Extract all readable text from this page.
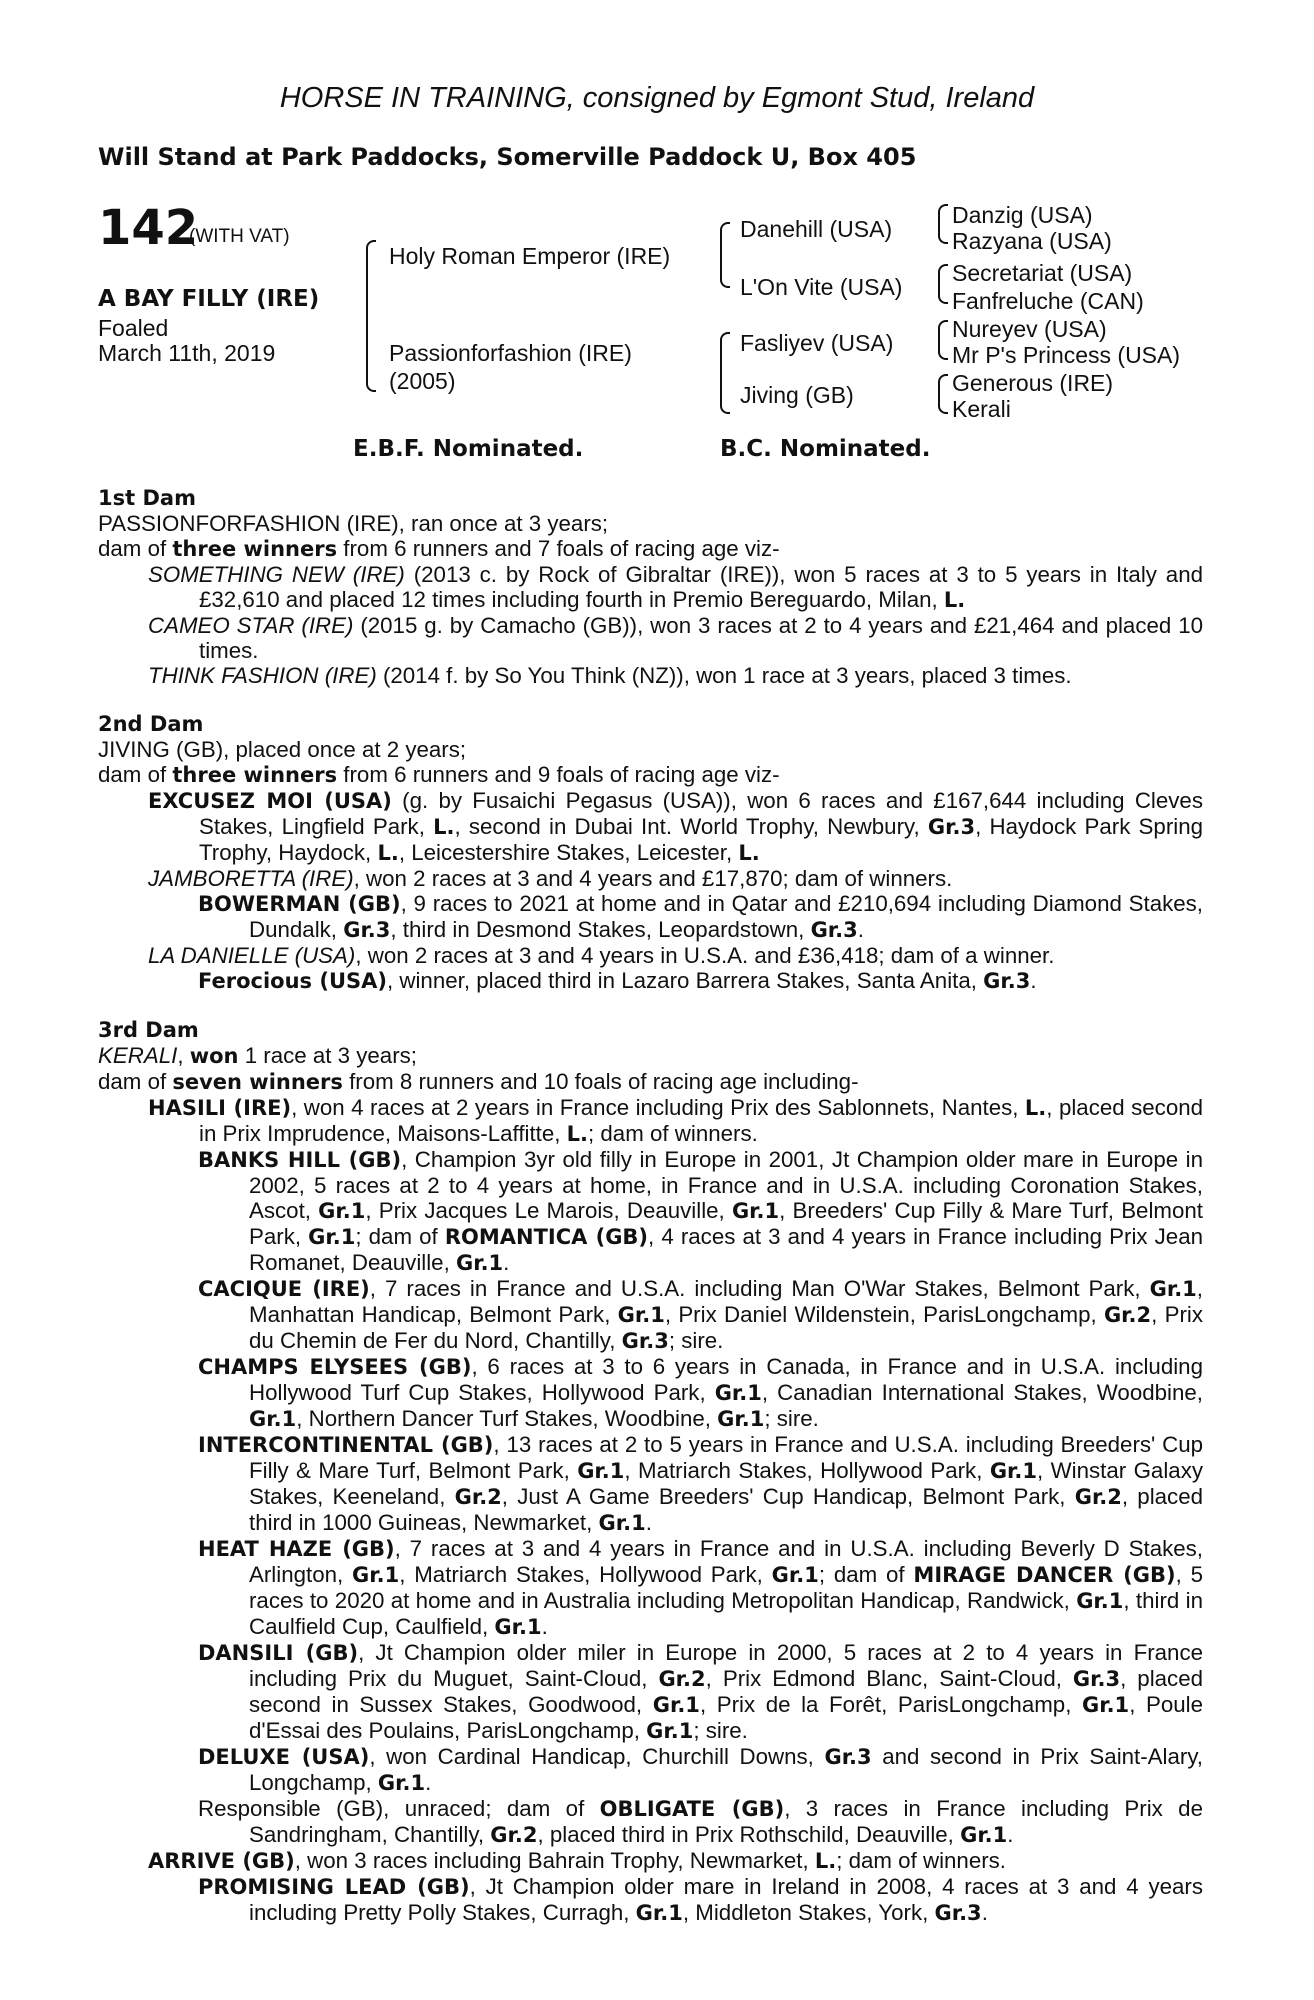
HORSE IN TRAINING, consigned by Egmont Stud, Ireland
Will Stand at Park Paddocks, Somerville Paddock U, Box 405
142
(WITH VAT)
A BAY FILLY (IRE)
Foaled
March 11th, 2019
Holy Roman Emperor (IRE)
Passionforfashion (IRE)
(2005)
Danehill (USA)
L'On Vite (USA)
Fasliyev (USA)
Jiving (GB)
Danzig (USA)
Razyana (USA)
Secretariat (USA)
Fanfreluche (CAN)
Nureyev (USA)
Mr P's Princess (USA)
Generous (IRE)
Kerali
E.B.F. Nominated.	B.C. Nominated.
1st Dam
PASSIONFORFASHION (IRE), ran once at 3 years;
dam of three winners from 6 runners and 7 foals of racing age viz-
SOMETHING NEW (IRE) (2013 c. by Rock of Gibraltar (IRE)), won 5 races at 3 to 5 years in Italy and £32,610 and placed 12 times including fourth in Premio Bereguardo, Milan, L.
CAMEO STAR (IRE) (2015 g. by Camacho (GB)), won 3 races at 2 to 4 years and £21,464 and placed 10 times.
THINK FASHION (IRE) (2014 f. by So You Think (NZ)), won 1 race at 3 years, placed 3 times.
2nd Dam
JIVING (GB), placed once at 2 years;
dam of three winners from 6 runners and 9 foals of racing age viz-
EXCUSEZ MOI (USA) (g. by Fusaichi Pegasus (USA)), won 6 races and £167,644 including Cleves Stakes, Lingfield Park, L., second in Dubai Int. World Trophy, Newbury, Gr.3, Haydock Park Spring Trophy, Haydock, L., Leicestershire Stakes, Leicester, L.
JAMBORETTA (IRE), won 2 races at 3 and 4 years and £17,870; dam of winners.
BOWERMAN (GB), 9 races to 2021 at home and in Qatar and £210,694 including Diamond Stakes, Dundalk, Gr.3, third in Desmond Stakes, Leopardstown, Gr.3.
LA DANIELLE (USA), won 2 races at 3 and 4 years in U.S.A. and £36,418; dam of a winner.
Ferocious (USA), winner, placed third in Lazaro Barrera Stakes, Santa Anita, Gr.3.
3rd Dam
KERALI, won 1 race at 3 years;
dam of seven winners from 8 runners and 10 foals of racing age including-
HASILI (IRE), won 4 races at 2 years in France including Prix des Sablonnets, Nantes, L., placed second in Prix Imprudence, Maisons-Laffitte, L.; dam of winners.
BANKS HILL (GB), Champion 3yr old filly in Europe in 2001, Jt Champion older mare in Europe in 2002, 5 races at 2 to 4 years at home, in France and in U.S.A. including Coronation Stakes, Ascot, Gr.1, Prix Jacques Le Marois, Deauville, Gr.1, Breeders' Cup Filly & Mare Turf, Belmont Park, Gr.1; dam of ROMANTICA (GB), 4 races at 3 and 4 years in France including Prix Jean Romanet, Deauville, Gr.1.
CACIQUE (IRE), 7 races in France and U.S.A. including Man O'War Stakes, Belmont Park, Gr.1, Manhattan Handicap, Belmont Park, Gr.1, Prix Daniel Wildenstein, ParisLongchamp, Gr.2, Prix du Chemin de Fer du Nord, Chantilly, Gr.3; sire.
CHAMPS ELYSEES (GB), 6 races at 3 to 6 years in Canada, in France and in U.S.A. including Hollywood Turf Cup Stakes, Hollywood Park, Gr.1, Canadian International Stakes, Woodbine, Gr.1, Northern Dancer Turf Stakes, Woodbine, Gr.1; sire.
INTERCONTINENTAL (GB), 13 races at 2 to 5 years in France and U.S.A. including Breeders' Cup Filly & Mare Turf, Belmont Park, Gr.1, Matriarch Stakes, Hollywood Park, Gr.1, Winstar Galaxy Stakes, Keeneland, Gr.2, Just A Game Breeders' Cup Handicap, Belmont Park, Gr.2, placed third in 1000 Guineas, Newmarket, Gr.1.
HEAT HAZE (GB), 7 races at 3 and 4 years in France and in U.S.A. including Beverly D Stakes, Arlington, Gr.1, Matriarch Stakes, Hollywood Park, Gr.1; dam of MIRAGE DANCER (GB), 5 races to 2020 at home and in Australia including Metropolitan Handicap, Randwick, Gr.1, third in Caulfield Cup, Caulfield, Gr.1.
DANSILI (GB), Jt Champion older miler in Europe in 2000, 5 races at 2 to 4 years in France including Prix du Muguet, Saint-Cloud, Gr.2, Prix Edmond Blanc, Saint-Cloud, Gr.3, placed second in Sussex Stakes, Goodwood, Gr.1, Prix de la Forêt, ParisLongchamp, Gr.1, Poule d'Essai des Poulains, ParisLongchamp, Gr.1; sire.
DELUXE (USA), won Cardinal Handicap, Churchill Downs, Gr.3 and second in Prix Saint-Alary, Longchamp, Gr.1.
Responsible (GB), unraced; dam of OBLIGATE (GB), 3 races in France including Prix de Sandringham, Chantilly, Gr.2, placed third in Prix Rothschild, Deauville, Gr.1.
ARRIVE (GB), won 3 races including Bahrain Trophy, Newmarket, L.; dam of winners.
PROMISING LEAD (GB), Jt Champion older mare in Ireland in 2008, 4 races at 3 and 4 years including Pretty Polly Stakes, Curragh, Gr.1, Middleton Stakes, York, Gr.3.
